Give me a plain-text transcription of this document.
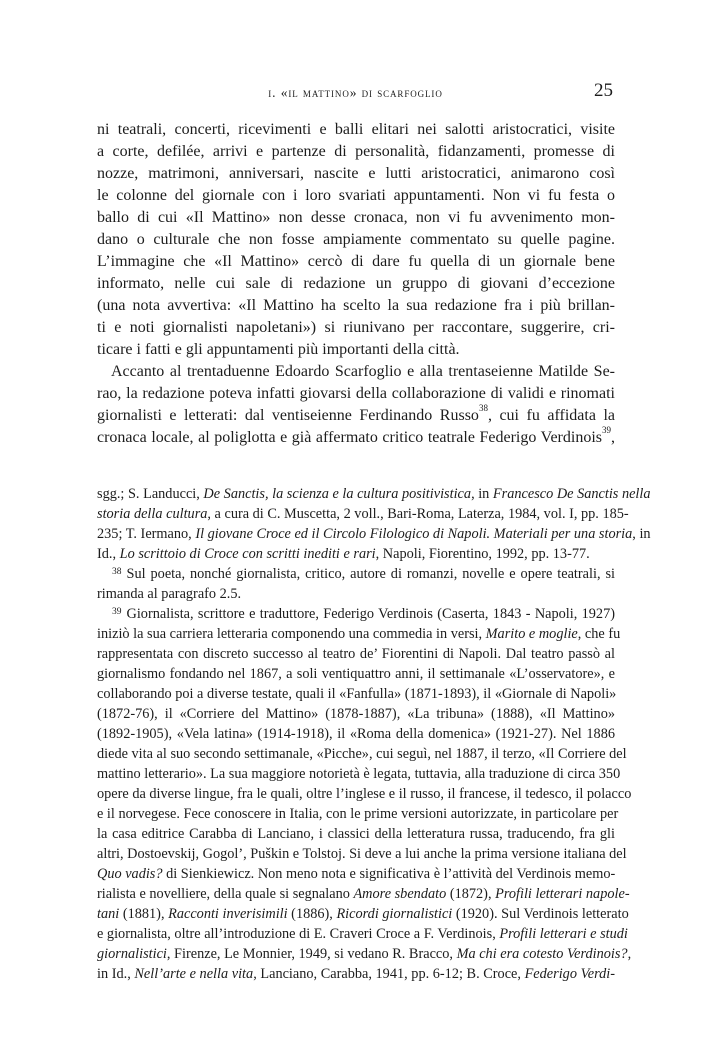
i. «il mattino» di scarfoglio	25
ni teatrali, concerti, ricevimenti e balli elitari nei salotti aristocratici, visite
a corte, defilée, arrivi e partenze di personalità, fidanzamenti, promesse di
nozze, matrimoni, anniversari, nascite e lutti aristocratici, animarono così
le colonne del giornale con i loro svariati appuntamenti. Non vi fu festa o
ballo di cui «Il Mattino» non desse cronaca, non vi fu avvenimento mon-
dano o culturale che non fosse ampiamente commentato su quelle pagine.
L’immagine che «Il Mattino» cercò di dare fu quella di un giornale bene
informato, nelle cui sale di redazione un gruppo di giovani d’eccezione
(una nota avvertiva: «Il Mattino ha scelto la sua redazione fra i più brillan-
ti e noti giornalisti napoletani») si riunivano per raccontare, suggerire, cri-
ticare i fatti e gli appuntamenti più importanti della città.
Accanto al trentaduenne Edoardo Scarfoglio e alla trentaseienne Matilde Se-
rao, la redazione poteva infatti giovarsi della collaborazione di validi e rinomati
giornalisti e letterati: dal ventiseienne Ferdinando Russo$^{38}$, cui fu affidata la
cronaca locale, al poliglotta e già affermato critico teatrale Federigo Verdinois$^{39}$,
sgg.; S. Landucci, De Sanctis, la scienza e la cultura positivistica, in Francesco De Sanctis nella
storia della cultura, a cura di C. Muscetta, 2 voll., Bari-Roma, Laterza, 1984, vol. I, pp. 185-
235; T. Iermano, Il giovane Croce ed il Circolo Filologico di Napoli. Materiali per una storia, in
Id., Lo scrittoio di Croce con scritti inediti e rari, Napoli, Fiorentino, 1992, pp. 13-77.
$^{38}$ Sul poeta, nonché giornalista, critico, autore di romanzi, novelle e opere teatrali, si
rimanda al paragrafo 2.5.
$^{39}$ Giornalista, scrittore e traduttore, Federigo Verdinois (Caserta, 1843 - Napoli, 1927)
iniziò la sua carriera letteraria componendo una commedia in versi, Marito e moglie, che fu
rappresentata con discreto successo al teatro de’ Fiorentini di Napoli. Dal teatro passò al
giornalismo fondando nel 1867, a soli ventiquattro anni, il settimanale «L’osservatore», e
collaborando poi a diverse testate, quali il «Fanfulla» (1871-1893), il «Giornale di Napoli»
(1872-76), il «Corriere del Mattino» (1878-1887), «La tribuna» (1888), «Il Mattino»
(1892-1905), «Vela latina» (1914-1918), il «Roma della domenica» (1921-27). Nel 1886
diede vita al suo secondo settimanale, «Picche», cui seguì, nel 1887, il terzo, «Il Corriere del
mattino letterario». La sua maggiore notorietà è legata, tuttavia, alla traduzione di circa 350
opere da diverse lingue, fra le quali, oltre l’inglese e il russo, il francese, il tedesco, il polacco
e il norvegese. Fece conoscere in Italia, con le prime versioni autorizzate, in particolare per
la casa editrice Carabba di Lanciano, i classici della letteratura russa, traducendo, fra gli
altri, Dostoevskij, Gogol’, Puškin e Tolstoj. Si deve a lui anche la prima versione italiana del
Quo vadis? di Sienkiewicz. Non meno nota e significativa è l’attività del Verdinois memo-
rialista e novelliere, della quale si segnalano Amore sbendato (1872), Profili letterari napole-
tani (1881), Racconti inverisimili (1886), Ricordi giornalistici (1920). Sul Verdinois letterato
e giornalista, oltre all’introduzione di E. Craveri Croce a F. Verdinois, Profili letterari e studi
giornalistici, Firenze, Le Monnier, 1949, si vedano R. Bracco, Ma chi era cotesto Verdinois?,
in Id., Nell’arte e nella vita, Lanciano, Carabba, 1941, pp. 6-12; B. Croce, Federigo Verdi-
